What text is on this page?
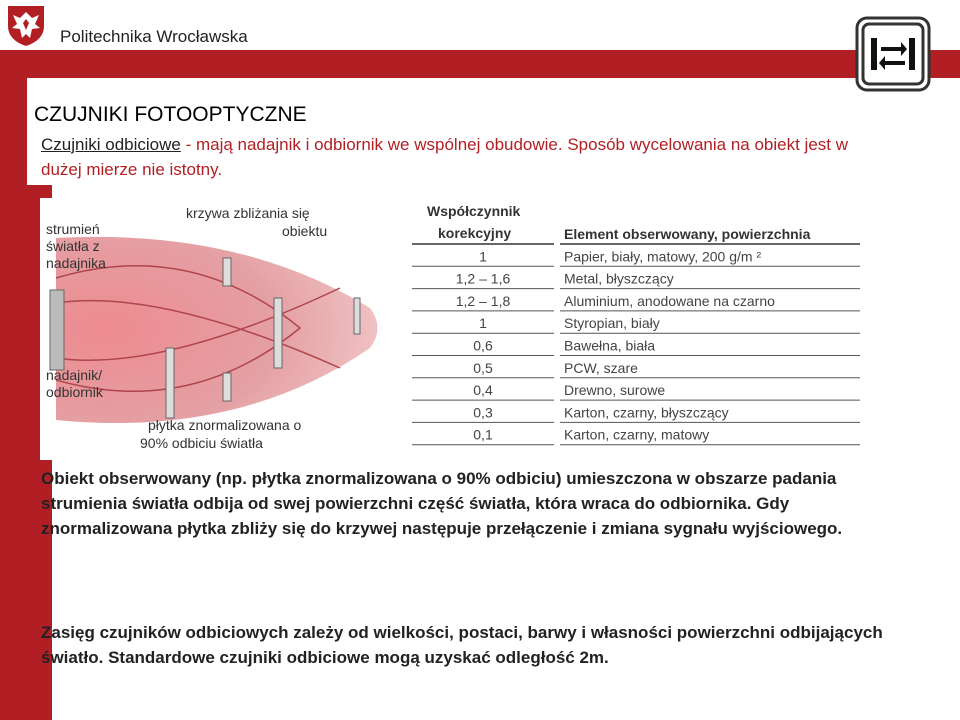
Politechnika Wrocławska
CZUJNIKI FOTOOPTYCZNE
Czujniki odbiciowe - mają nadajnik i odbiornik we wspólnej obudowie. Sposób wycelowania na obiekt jest w dużej mierze nie istotny.
strumień
światła z
nadajnika
krzywa zbliżania się
obiektu
nadajnik/
odbiornik
płytka znormalizowana o
90% odbiciu światła
Współczynnik
korekcyjny	Element obserwowany, powierzchnia
1	Papier, biały, matowy, 200 g/m ²
1,2 – 1,6	Metal, błyszczący
1,2 – 1,8	Aluminium, anodowane na czarno
1	Styropian, biały
0,6	Bawełna, biała
0,5	PCW, szare
0,4	Drewno, surowe
0,3	Karton, czarny, błyszczący
0,1	Karton, czarny, matowy
Obiekt obserwowany (np. płytka znormalizowana o 90% odbiciu) umieszczona w obszarze padania strumienia światła odbija od swej powierzchni część światła, która wraca do odbiornika. Gdy znormalizowana płytka zbliży się do krzywej następuje przełączenie i zmiana sygnału wyjściowego.
Zasięg czujników odbiciowych zależy od wielkości, postaci, barwy i własności powierzchni odbijających światło. Standardowe czujniki odbiciowe mogą uzyskać odległość 2m.
